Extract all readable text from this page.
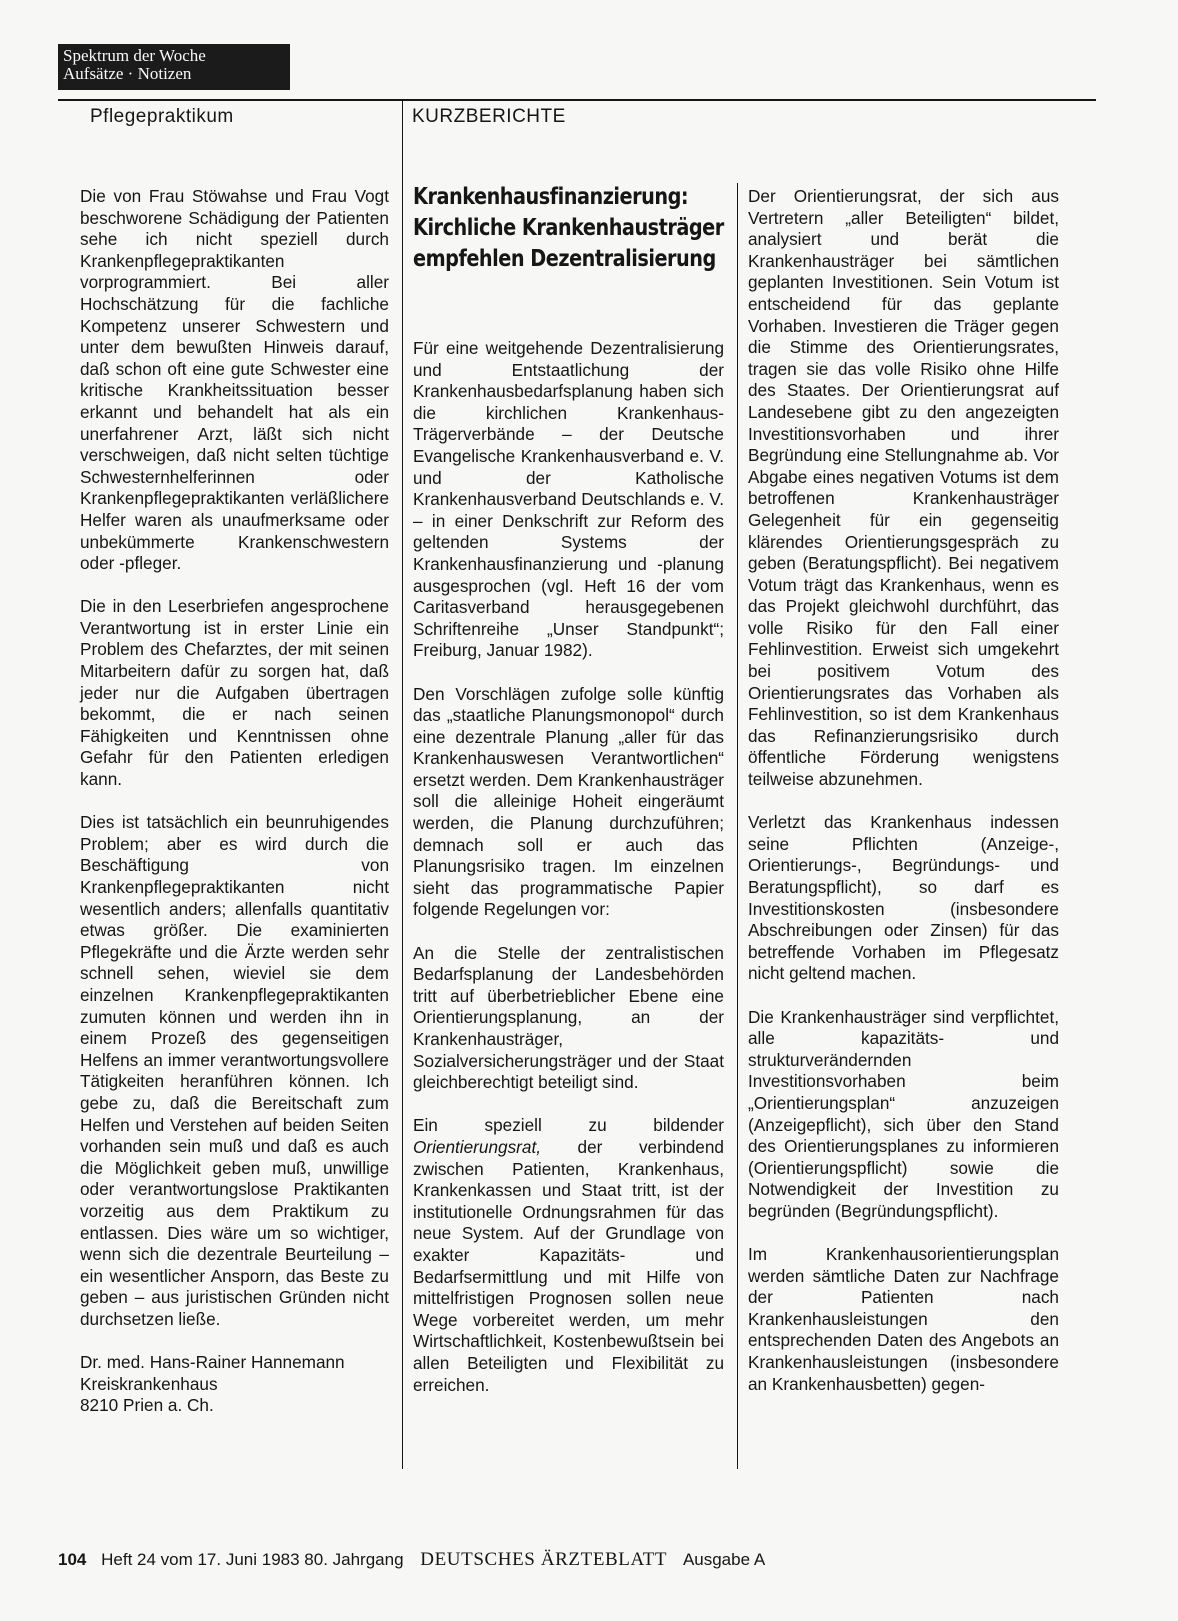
Spektrum der Woche
Aufsätze · Notizen
Pflegepraktikum	KURZBERICHTE

Die von Frau Stöwahse und Frau Vogt beschworene Schädigung der Patienten sehe ich nicht speziell durch Krankenpflegepraktikanten vorprogrammiert. Bei aller Hochschätzung für die fachliche Kompetenz unserer Schwestern und unter dem bewußten Hinweis darauf, daß schon oft eine gute Schwester eine kritische Krankheitssituation besser erkannt und behandelt hat als ein unerfahrener Arzt, läßt sich nicht verschweigen, daß nicht selten tüchtige Schwesternhelferinnen oder Krankenpflegepraktikanten verläßlichere Helfer waren als unaufmerksame oder unbekümmerte Krankenschwestern oder -pfleger.

Die in den Leserbriefen angesprochene Verantwortung ist in erster Linie ein Problem des Chefarztes, der mit seinen Mitarbeitern dafür zu sorgen hat, daß jeder nur die Aufgaben übertragen bekommt, die er nach seinen Fähigkeiten und Kenntnissen ohne Gefahr für den Patienten erledigen kann.

Dies ist tatsächlich ein beunruhigendes Problem; aber es wird durch die Beschäftigung von Krankenpflegepraktikanten nicht wesentlich anders; allenfalls quantitativ etwas größer. Die examinierten Pflegekräfte und die Ärzte werden sehr schnell sehen, wieviel sie dem einzelnen Krankenpflegepraktikanten zumuten können und werden ihn in einem Prozeß des gegenseitigen Helfens an immer verantwortungsvollere Tätigkeiten heranführen können. Ich gebe zu, daß die Bereitschaft zum Helfen und Verstehen auf beiden Seiten vorhanden sein muß und daß es auch die Möglichkeit geben muß, unwillige oder verantwortungslose Praktikanten vorzeitig aus dem Praktikum zu entlassen. Dies wäre um so wichtiger, wenn sich die dezentrale Beurteilung – ein wesentlicher Ansporn, das Beste zu geben – aus juristischen Gründen nicht durchsetzen ließe.

Dr. med. Hans-Rainer Hannemann
Kreiskrankenhaus
8210 Prien a. Ch.

Krankenhausfinanzierung: Kirchliche Krankenhausträger empfehlen Dezentralisierung

Für eine weitgehende Dezentralisierung und Entstaatlichung der Krankenhausbedarfsplanung haben sich die kirchlichen Krankenhaus-Trägerverbände – der Deutsche Evangelische Krankenhausverband e. V. und der Katholische Krankenhausverband Deutschlands e. V. – in einer Denkschrift zur Reform des geltenden Systems der Krankenhausfinanzierung und -planung ausgesprochen (vgl. Heft 16 der vom Caritasverband herausgegebenen Schriftenreihe „Unser Standpunkt“; Freiburg, Januar 1982).

Den Vorschlägen zufolge solle künftig das „staatliche Planungsmonopol“ durch eine dezentrale Planung „aller für das Krankenhauswesen Verantwortlichen“ ersetzt werden. Dem Krankenhausträger soll die alleinige Hoheit eingeräumt werden, die Planung durchzuführen; demnach soll er auch das Planungsrisiko tragen. Im einzelnen sieht das programmatische Papier folgende Regelungen vor:

An die Stelle der zentralistischen Bedarfsplanung der Landesbehörden tritt auf überbetrieblicher Ebene eine Orientierungsplanung, an der Krankenhausträger, Sozialversicherungsträger und der Staat gleichberechtigt beteiligt sind.

Ein speziell zu bildender Orientierungsrat, der verbindend zwischen Patienten, Krankenhaus, Krankenkassen und Staat tritt, ist der institutionelle Ordnungsrahmen für das neue System. Auf der Grundlage von exakter Kapazitäts- und Bedarfsermittlung und mit Hilfe von mittelfristigen Prognosen sollen neue Wege vorbereitet werden, um mehr Wirtschaftlichkeit, Kostenbewußtsein bei allen Beteiligten und Flexibilität zu erreichen.

Der Orientierungsrat, der sich aus Vertretern „aller Beteiligten“ bildet, analysiert und berät die Krankenhausträger bei sämtlichen geplanten Investitionen. Sein Votum ist entscheidend für das geplante Vorhaben. Investieren die Träger gegen die Stimme des Orientierungsrates, tragen sie das volle Risiko ohne Hilfe des Staates. Der Orientierungsrat auf Landesebene gibt zu den angezeigten Investitionsvorhaben und ihrer Begründung eine Stellungnahme ab. Vor Abgabe eines negativen Votums ist dem betroffenen Krankenhausträger Gelegenheit für ein gegenseitig klärendes Orientierungsgespräch zu geben (Beratungspflicht). Bei negativem Votum trägt das Krankenhaus, wenn es das Projekt gleichwohl durchführt, das volle Risiko für den Fall einer Fehlinvestition. Erweist sich umgekehrt bei positivem Votum des Orientierungsrates das Vorhaben als Fehlinvestition, so ist dem Krankenhaus das Refinanzierungsrisiko durch öffentliche Förderung wenigstens teilweise abzunehmen.

Verletzt das Krankenhaus indessen seine Pflichten (Anzeige-, Orientierungs-, Begründungs- und Beratungspflicht), so darf es Investitionskosten (insbesondere Abschreibungen oder Zinsen) für das betreffende Vorhaben im Pflegesatz nicht geltend machen.

Die Krankenhausträger sind verpflichtet, alle kapazitäts- und strukturverändernden Investitionsvorhaben beim „Orientierungsplan“ anzuzeigen (Anzeigepflicht), sich über den Stand des Orientierungsplanes zu informieren (Orientierungspflicht) sowie die Notwendigkeit der Investition zu begründen (Begründungspflicht).

Im Krankenhausorientierungsplan werden sämtliche Daten zur Nachfrage der Patienten nach Krankenhausleistungen den entsprechenden Daten des Angebots an Krankenhausleistungen (insbesondere an Krankenhausbetten) gegen-

104 Heft 24 vom 17. Juni 1983 80. Jahrgang DEUTSCHES ÄRZTEBLATT Ausgabe A
